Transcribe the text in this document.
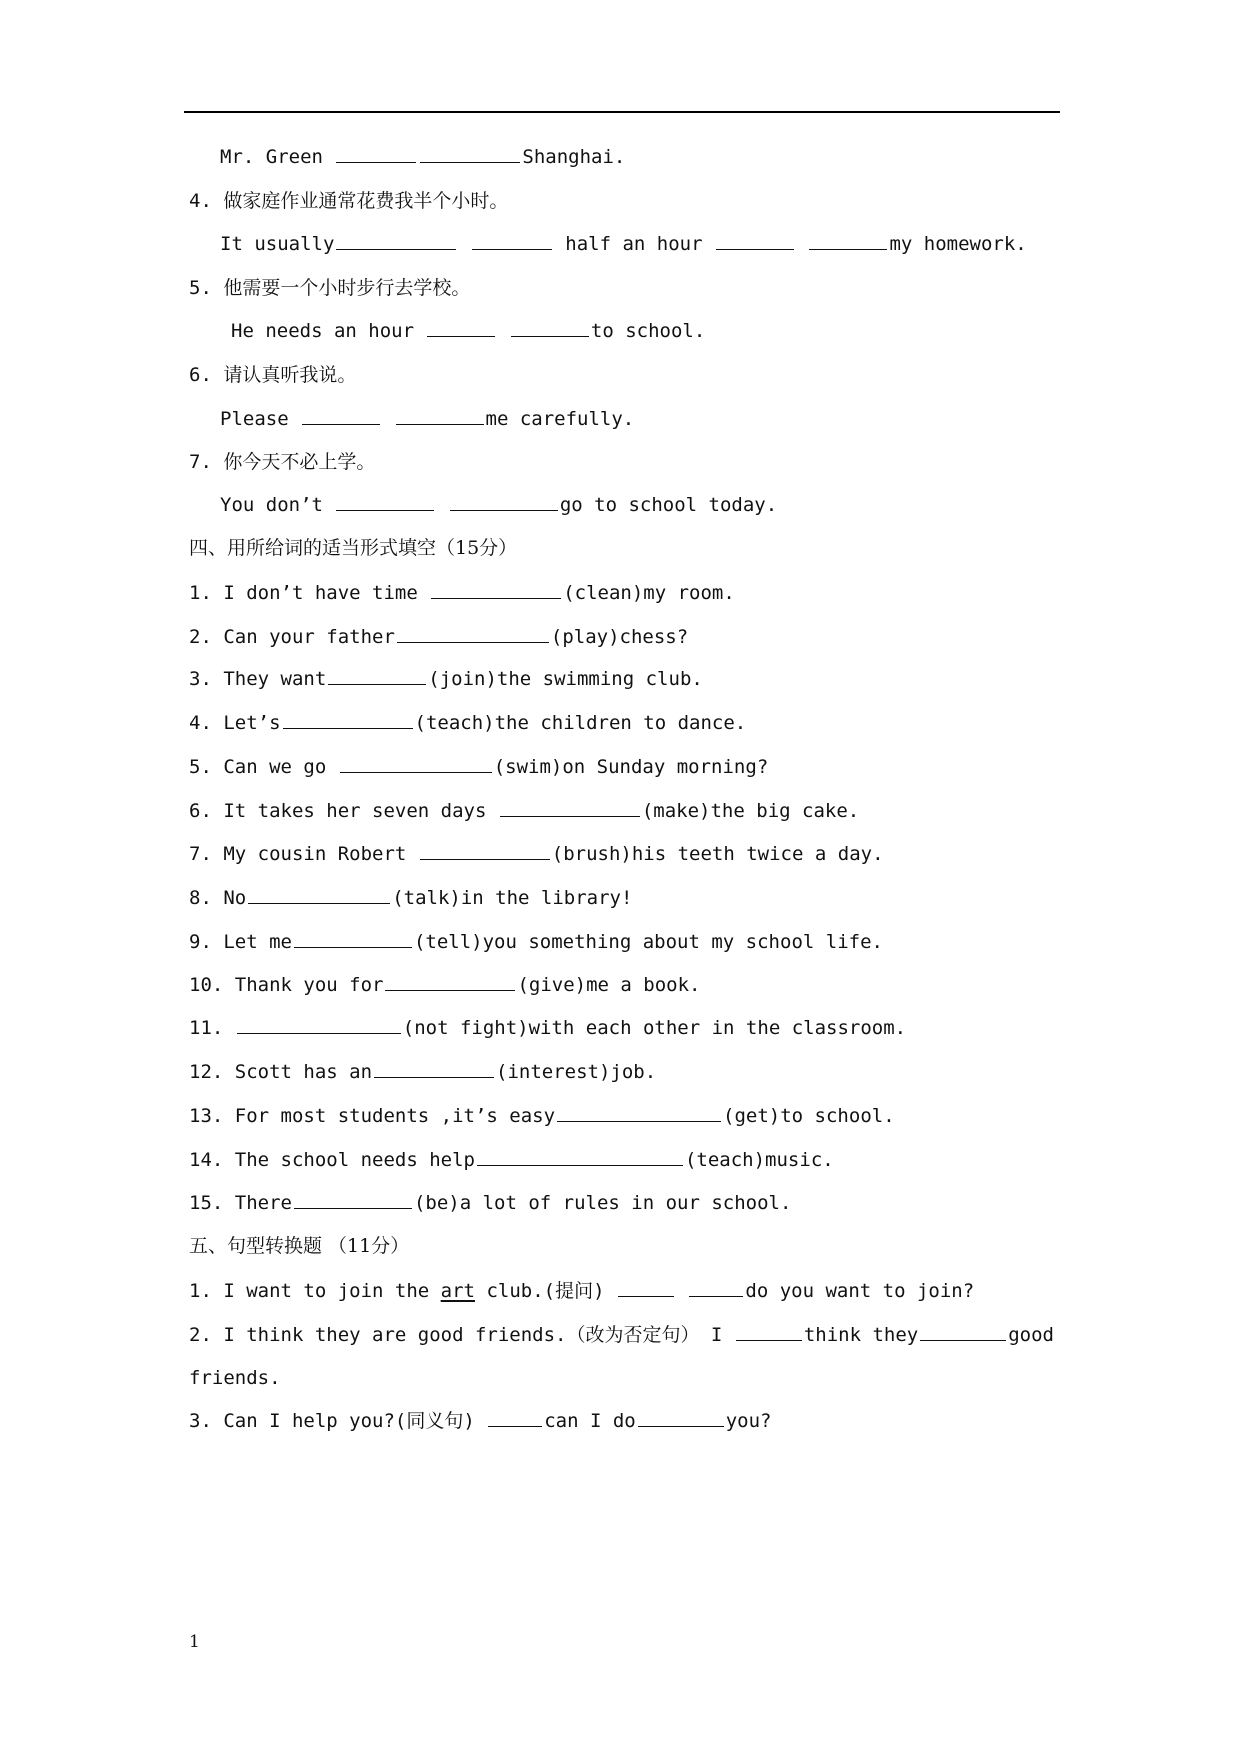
Mr. Green	Shanghai.
4. 做家庭作业通常花费我半个小时。
It usually	half an hour	my homework.
5. 他需要一个小时步行去学校。
He needs an hour	to school.
6. 请认真听我说。
Please	me carefully.
7. 你今天不必上学。
You don’t	go to school today.
四、用所给词的适当形式填空（15分）
1. I don’t have time	(clean)my room.
2. Can your father	(play)chess?
3. They want	(join)the swimming club.
4. Let’s	(teach)the children to dance.
5. Can we go	(swim)on Sunday morning?
6. It takes her seven days	(make)the big cake.
7. My cousin Robert	(brush)his teeth twice a day.
8. No	(talk)in the library!
9. Let me	(tell)you something about my school life.
10. Thank you for	(give)me a book.
11.	(not fight)with each other in the classroom.
12. Scott has an	(interest)job.
13. For most students ,it’s easy	(get)to school.
14. The school needs help	(teach)music.
15. There	(be)a lot of rules in our school.
五、句型转换题 （11分）
1. I want to join the art club.(提问)	do you want to join?
2. I think they are good friends.（改为否定句） I	think they	good
friends.
3. Can I help you?(同义句)	can I do	you?
1
